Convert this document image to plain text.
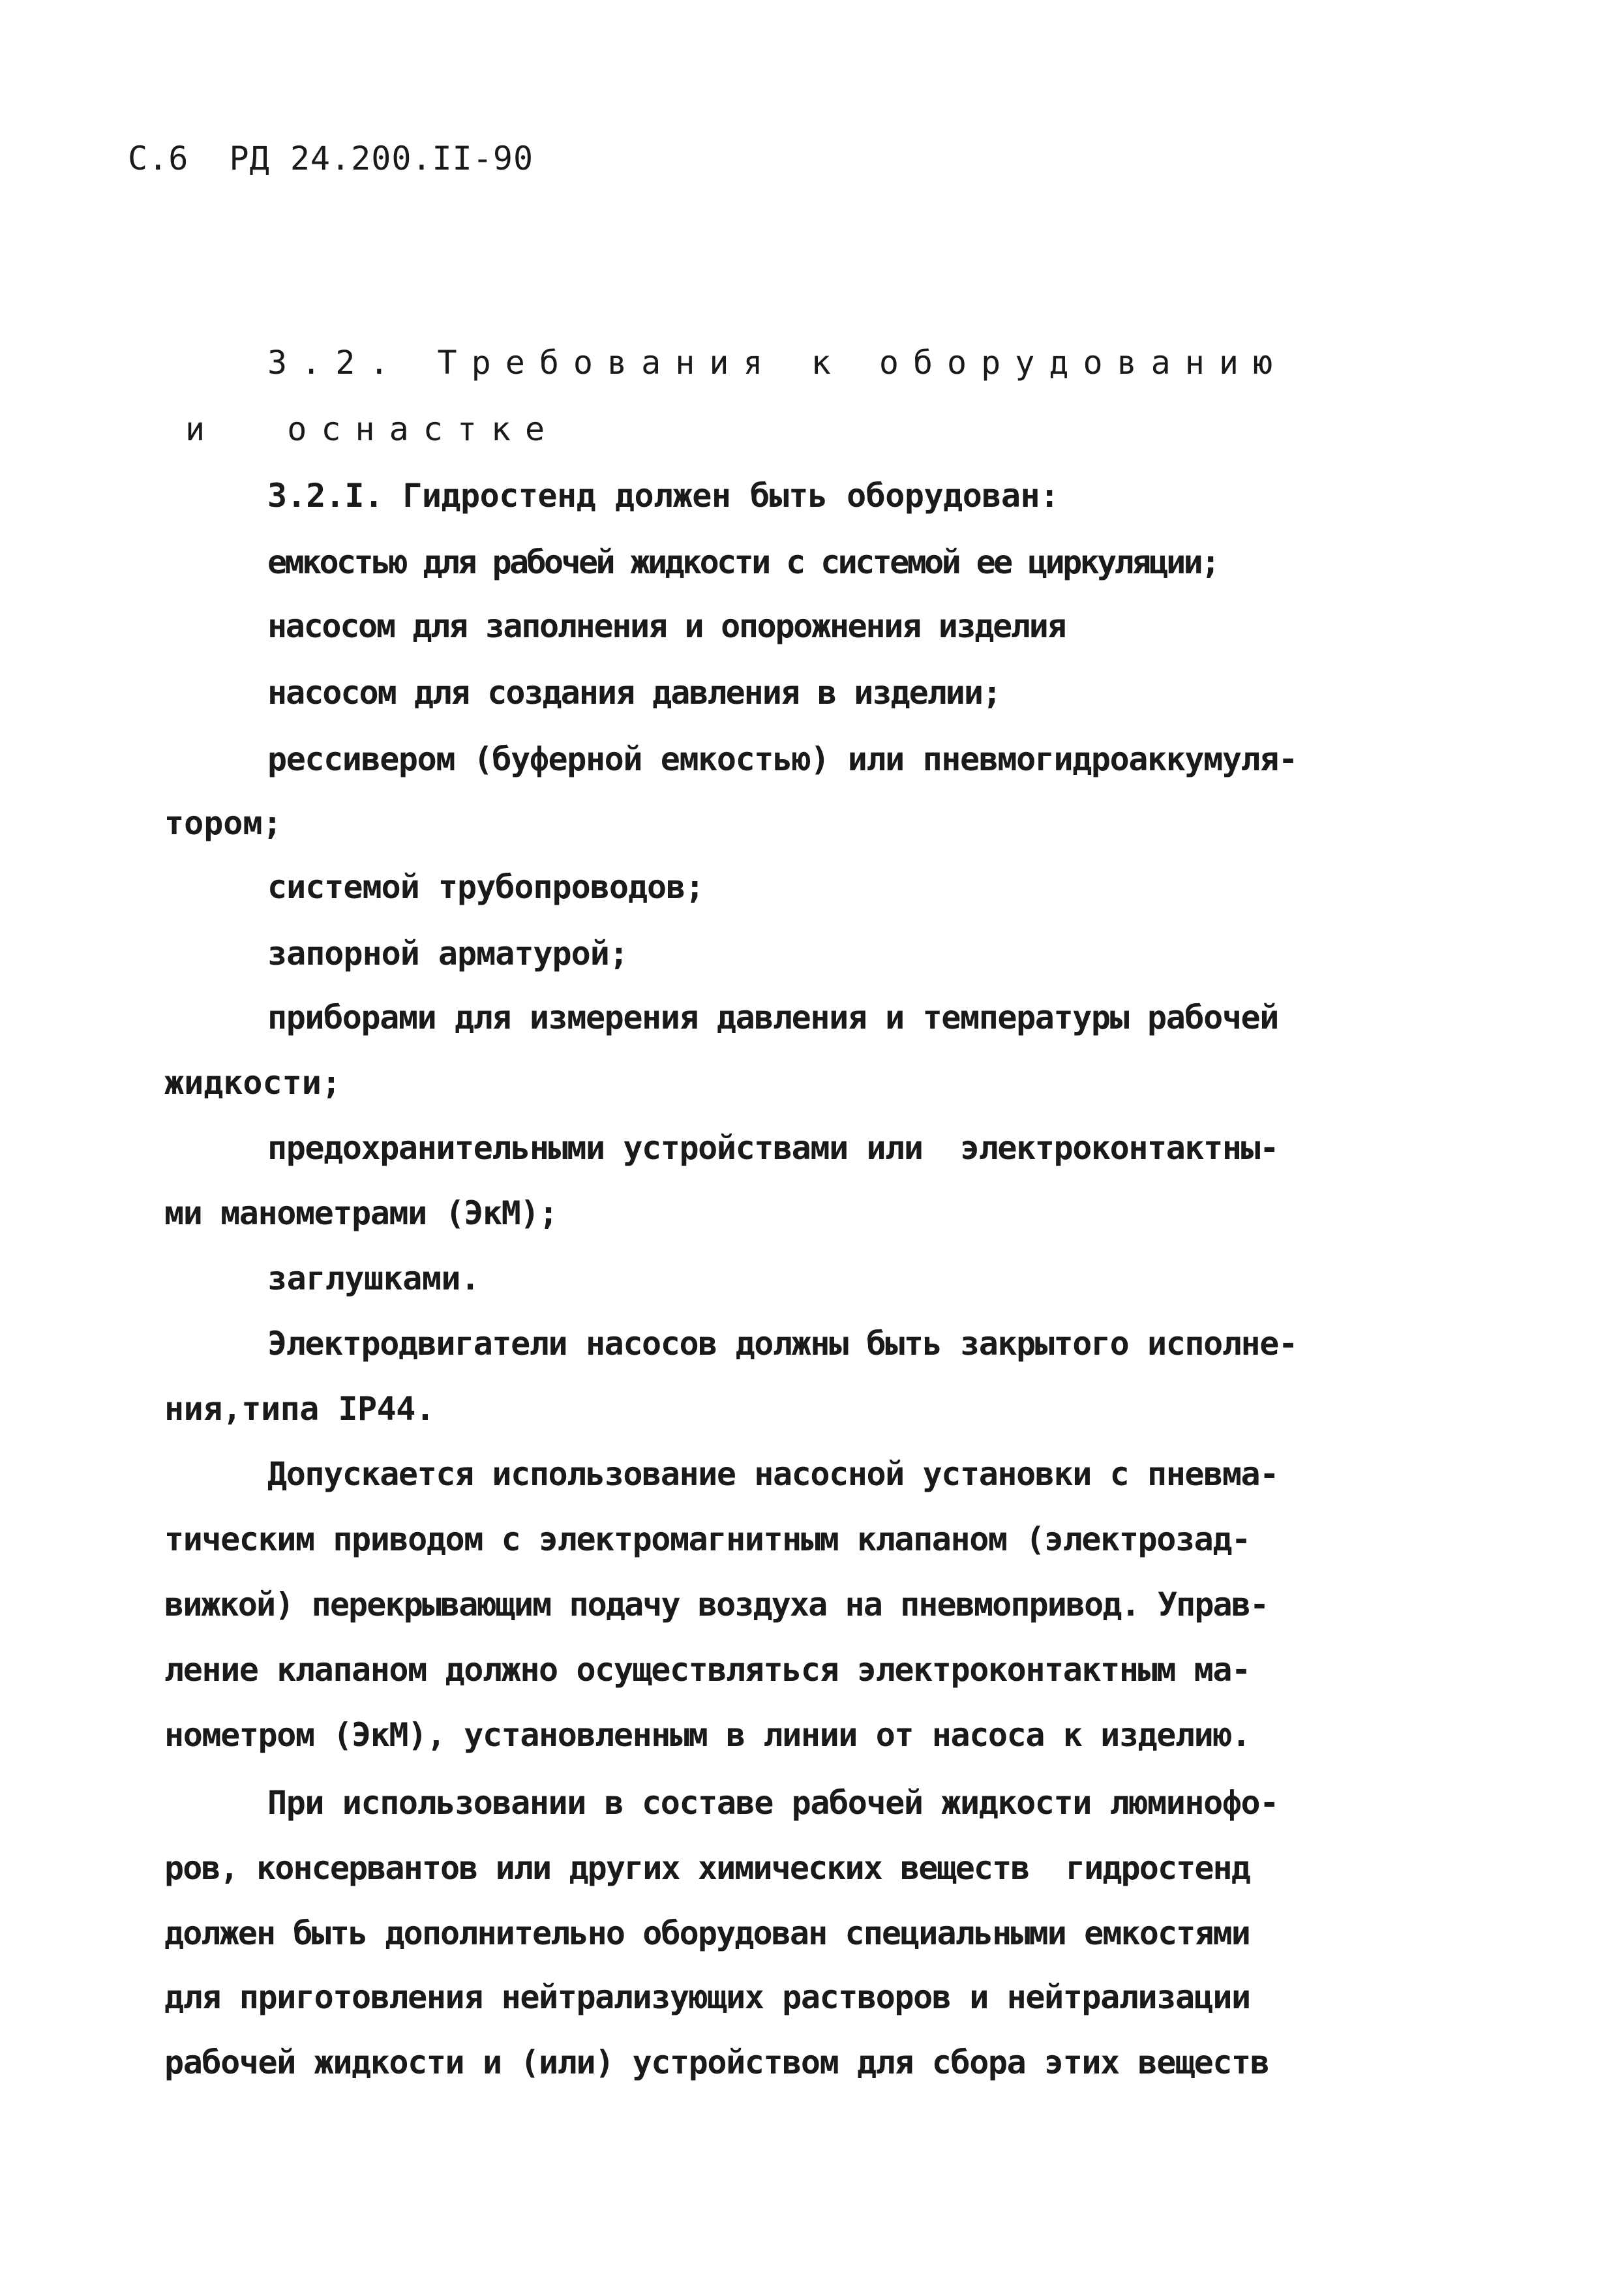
С.6  РД 24.200.II-90
3.2. Требования к оборудованию
и  оснастке
3.2.I. Гидростенд должен быть оборудован:
емкостью для рабочей жидкости с системой ее циркуляции;
насосом для заполнения и опорожнения изделия
насосом для создания давления в изделии;
рессивером (буферной емкостью) или пневмогидроаккумуля-
тором;
системой трубопроводов;
запорной арматурой;
приборами для измерения давления и температуры рабочей
жидкости;
предохранительными устройствами или  электроконтактны-
ми манометрами (ЭкМ);
заглушками.
Электродвигатели насосов должны быть закрытого исполне-
ния,типа IP44.
Допускается использование насосной установки с пневма-
тическим приводом с электромагнитным клапаном (электрозад-
вижкой) перекрывающим подачу воздуха на пневмопривод. Управ-
ление клапаном должно осуществляться электроконтактным ма-
нометром (ЭкМ), установленным в линии от насоса к изделию.
При использовании в составе рабочей жидкости люминофо-
ров, консервантов или других химических веществ  гидростенд
должен быть дополнительно оборудован специальными емкостями
для приготовления нейтрализующих растворов и нейтрализации
рабочей жидкости и (или) устройством для сбора этих веществ
